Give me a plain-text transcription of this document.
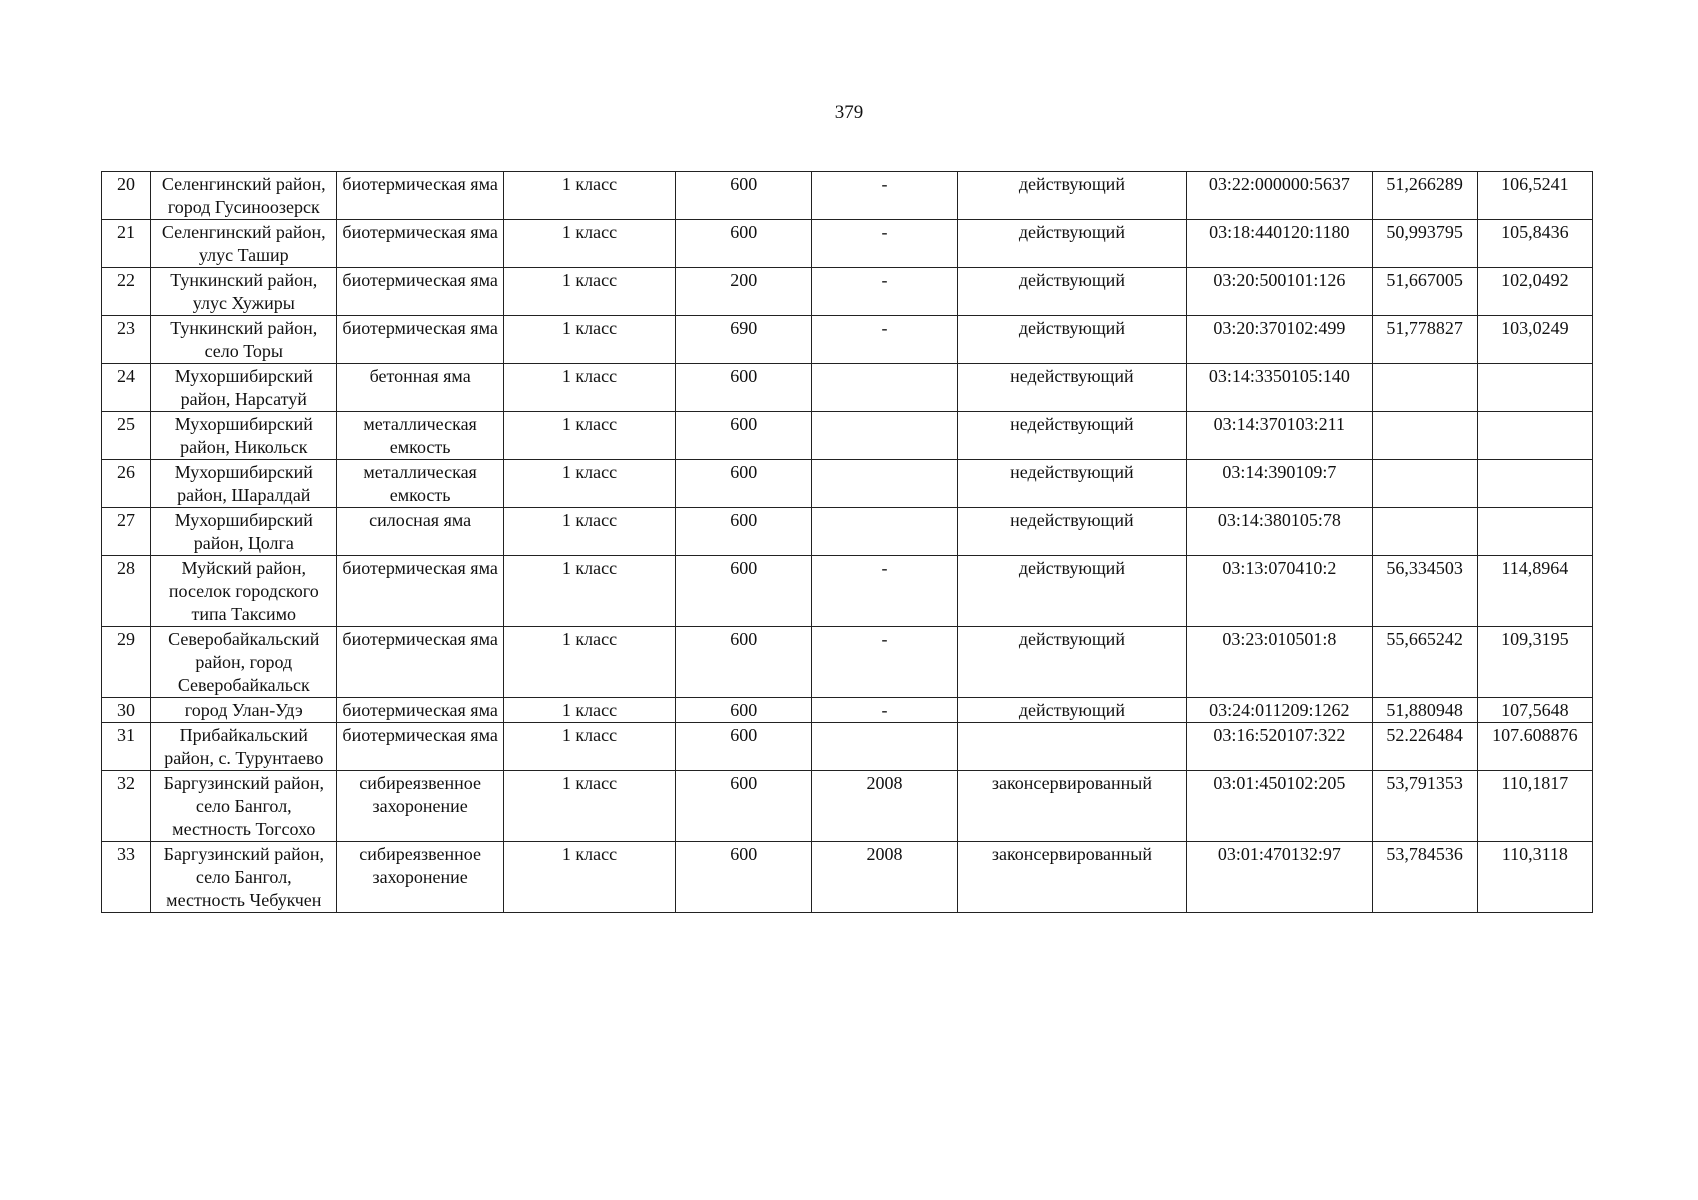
379
20	Селенгинский район, город Гусиноозерск	биотермическая яма	1 класс	600	-	действующий	03:22:000000:5637	51,266289	106,5241
21	Селенгинский район, улус Ташир	биотермическая яма	1 класс	600	-	действующий	03:18:440120:1180	50,993795	105,8436
22	Тункинский район, улус Хужиры	биотермическая яма	1 класс	200	-	действующий	03:20:500101:126	51,667005	102,0492
23	Тункинский район, село Торы	биотермическая яма	1 класс	690	-	действующий	03:20:370102:499	51,778827	103,0249
24	Мухоршибирский район, Нарсатуй	бетонная яма	1 класс	600		недействующий	03:14:3350105:140		
25	Мухоршибирский район, Никольск	металлическая емкость	1 класс	600		недействующий	03:14:370103:211		
26	Мухоршибирский район, Шаралдай	металлическая емкость	1 класс	600		недействующий	03:14:390109:7		
27	Мухоршибирский район, Цолга	силосная яма	1 класс	600		недействующий	03:14:380105:78		
28	Муйский район, поселок городского типа Таксимо	биотермическая яма	1 класс	600	-	действующий	03:13:070410:2	56,334503	114,8964
29	Северобайкальский район, город Северобайкальск	биотермическая яма	1 класс	600	-	действующий	03:23:010501:8	55,665242	109,3195
30	город Улан-Удэ	биотермическая яма	1 класс	600	-	действующий	03:24:011209:1262	51,880948	107,5648
31	Прибайкальский район, с. Турунтаево	биотермическая яма	1 класс	600			03:16:520107:322	52.226484	107.608876
32	Баргузинский район, село Бангол, местность Тогсохо	сибиреязвенное захоронение	1 класс	600	2008	законсервированный	03:01:450102:205	53,791353	110,1817
33	Баргузинский район, село Бангол, местность Чебукчен	сибиреязвенное захоронение	1 класс	600	2008	законсервированный	03:01:470132:97	53,784536	110,3118
